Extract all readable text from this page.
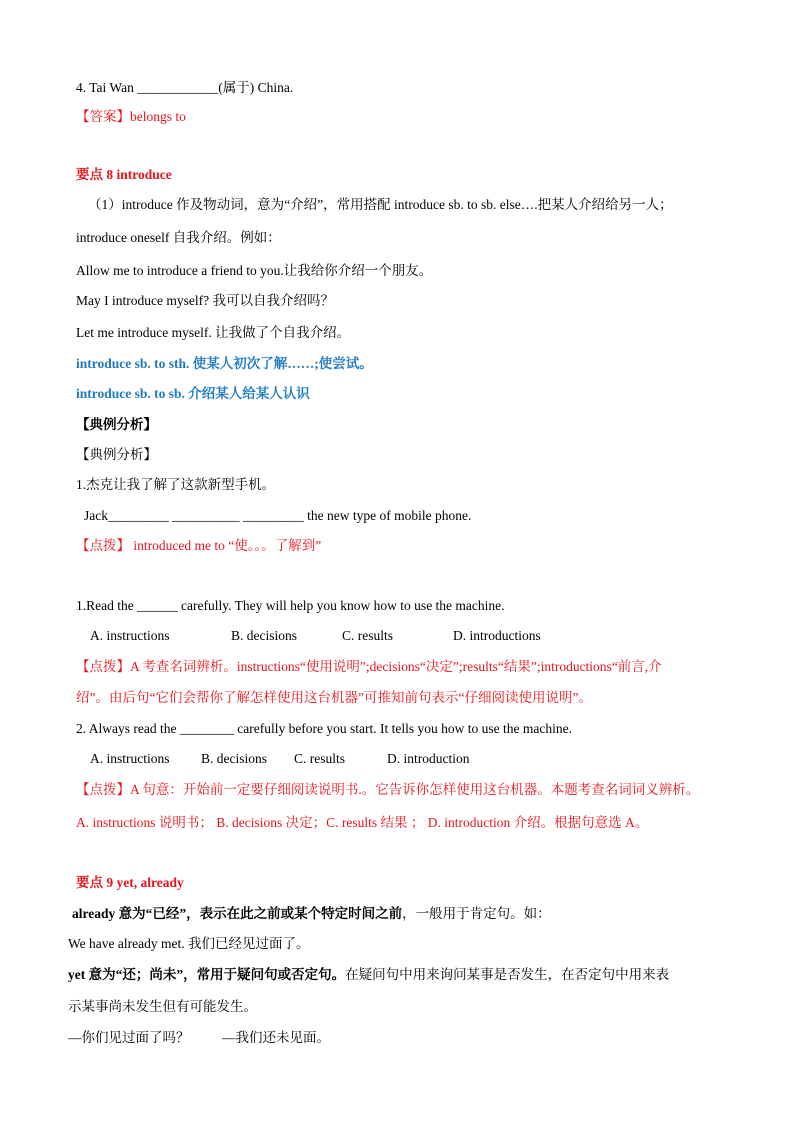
4. Tai Wan ____________(属于) China.
【答案】belongs to
要点 8 introduce
（1）introduce 作及物动词，意为“介绍”，常用搭配 introduce sb. to sb. else….把某人介绍给另一人；
introduce oneself 自我介绍。例如：
Allow me to introduce a friend to you.让我给你介绍一个朋友。
May I introduce myself? 我可以自我介绍吗？
Let me introduce myself. 让我做了个自我介绍。
introduce sb. to sth. 使某人初次了解……;使尝试。
introduce sb. to sb. 介绍某人给某人认识
【典例分析】
【典例分析】
1.杰克让我了解了这款新型手机。
Jack_________ __________ _________ the new type of mobile phone.
【点拨】 introduced me to “使。。。了解到”
1.Read the ______ carefully. They will help you know how to use the machine.
A. instructions	B. decisions	C. results	D. introductions
【点拨】A 考查名词辨析。instructions“使用说明”;decisions“决定”;results“结果”;introductions“前言,介
绍”。由后句“它们会帮你了解怎样使用这台机器”可推知前句表示“仔细阅读使用说明”。
2. Always read the ________ carefully before you start. It tells you how to use the machine.
A. instructions B. decisions C. results	D. introduction
【点拨】A 句意：开始前一定要仔细阅读说明书.。它告诉你怎样使用这台机器。本题考查名词词义辨析。
A. instructions 说明书； B. decisions 决定；C. results 结果 ； D. introduction 介绍。根据句意选 A。
要点 9 yet, already
already 意为“已经”，表示在此之前或某个特定时间之前，一般用于肯定句。如：
We have already met. 我们已经见过面了。
yet 意为“还；尚未”，常用于疑问句或否定句。在疑问句中用来询问某事是否发生，在否定句中用来表
示某事尚未发生但有可能发生。
—你们见过面了吗？ —我们还未见面。
